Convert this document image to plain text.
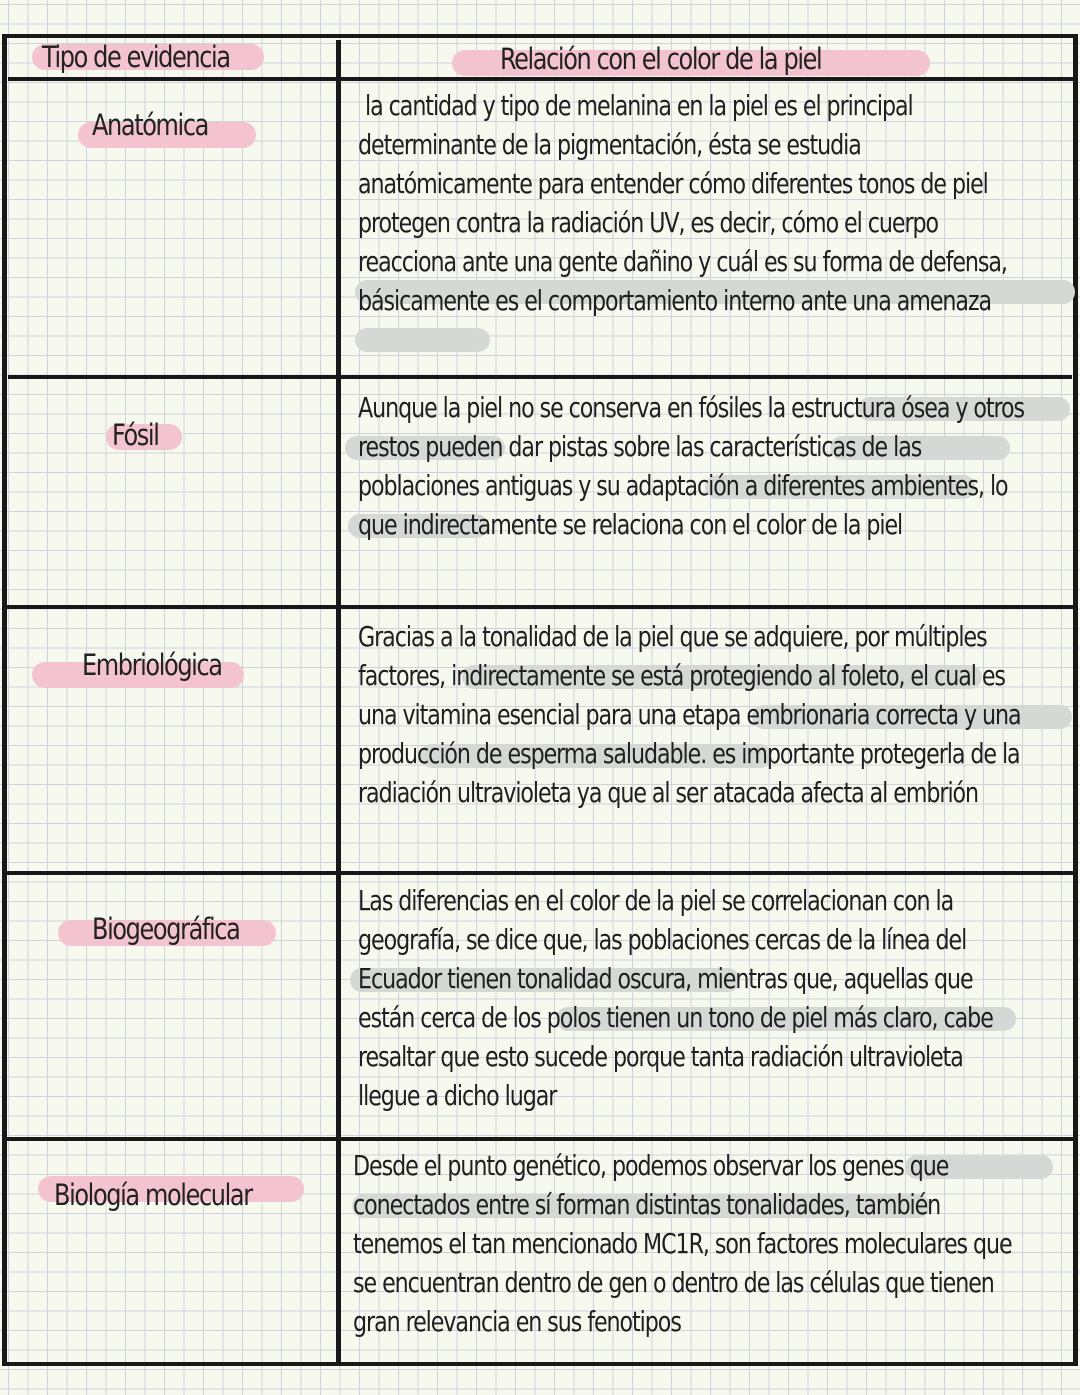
Tipo de evidencia	Relación con el color de la piel
Anatómica
la cantidad y tipo de melanina en la piel es el principal determinante de la pigmentación, ésta se estudia anatómicamente para entender cómo diferentes tonos de piel protegen contra la radiación UV, es decir, cómo el cuerpo reacciona ante una gente dañino y cuál es su forma de defensa, básicamente es el comportamiento interno ante una amenaza
Fósil
Aunque la piel no se conserva en fósiles la estructura ósea y otros restos pueden dar pistas sobre las características de las poblaciones antiguas y su adaptación a diferentes ambientes, lo que indirectamente se relaciona con el color de la piel
Embriológica
Gracias a la tonalidad de la piel que se adquiere, por múltiples factores, indirectamente se está protegiendo al foleto, el cual es una vitamina esencial para una etapa embrionaria correcta y una producción de esperma saludable. es importante protegerla de la radiación ultravioleta ya que al ser atacada afecta al embrión
Biogeográfica
Las diferencias en el color de la piel se correlacionan con la geografía, se dice que, las poblaciones cercas de la línea del Ecuador tienen tonalidad oscura, mientras que, aquellas que están cerca de los polos tienen un tono de piel más claro, cabe resaltar que esto sucede porque tanta radiación ultravioleta llegue a dicho lugar
Biología molecular
Desde el punto genético, podemos observar los genes que conectados entre sí forman distintas tonalidades, también tenemos el tan mencionado MC1R, son factores moleculares que se encuentran dentro de gen o dentro de las células que tienen gran relevancia en sus fenotipos
